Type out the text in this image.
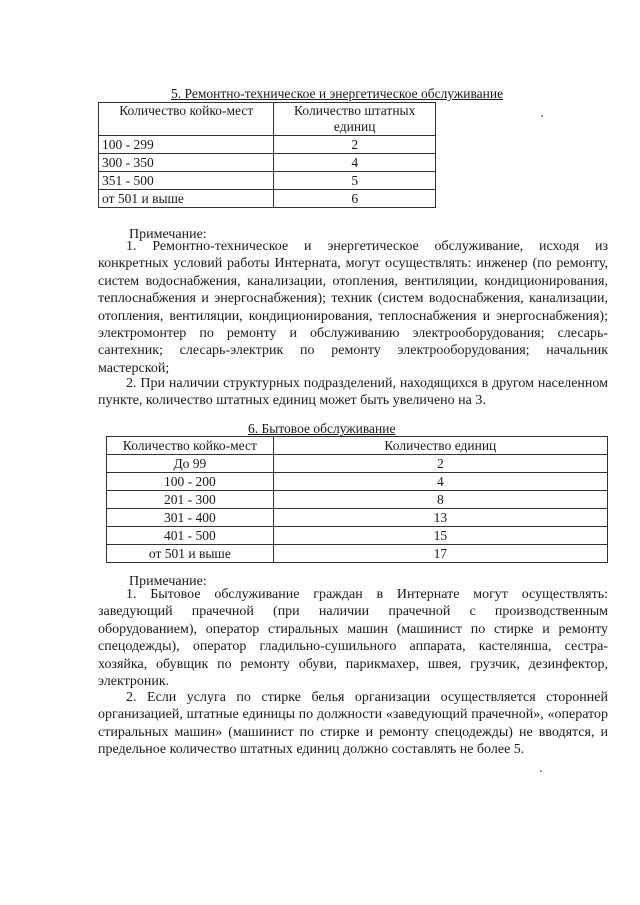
5. Ремонтно-техническое и энергетическое обслуживание
Количество койко-мест	Количество штатных единиц
100 - 299	2
300 - 350	4
351 - 500	5
от 501 и выше	6
Примечание:

1. Ремонтно-техническое и энергетическое обслуживание, исходя из конкретных условий работы Интерната, могут осуществлять: инженер (по ремонту, систем водоснабжения, канализации, отопления, вентиляции, кондиционирования, теплоснабжения и энергоснабжения); техник (систем водоснабжения, канализации, отопления, вентиляции, кондиционирования, теплоснабжения и энергоснабжения); электромонтер по ремонту и обслуживанию электрооборудования; слесарь-сантехник; слесарь-электрик по ремонту электрооборудования; начальник мастерской;

2. При наличии структурных подразделений, находящихся в другом населенном пункте, количество штатных единиц может быть увеличено на 3.

6. Бытовое обслуживание
Количество койко-мест	Количество единиц
До 99	2
100 - 200	4
201 - 300	8
301 - 400	13
401 - 500	15
от 501 и выше	17
Примечание:

1. Бытовое обслуживание граждан в Интернате могут осуществлять: заведующий прачечной (при наличии прачечной с производственным оборудованием), оператор стиральных машин (машинист по стирке и ремонту спецодежды), оператор гладильно-сушильного аппарата, кастелянша, сестра-хозяйка, обувщик по ремонту обуви, парикмахер, швея, грузчик, дезинфектор, электроник.

2. Если услуга по стирке белья организации осуществляется сторонней организацией, штатные единицы по должности «заведующий прачечной», «оператор стиральных машин» (машинист по стирке и ремонту спецодежды) не вводятся, и предельное количество штатных единиц должно составлять не более 5.
